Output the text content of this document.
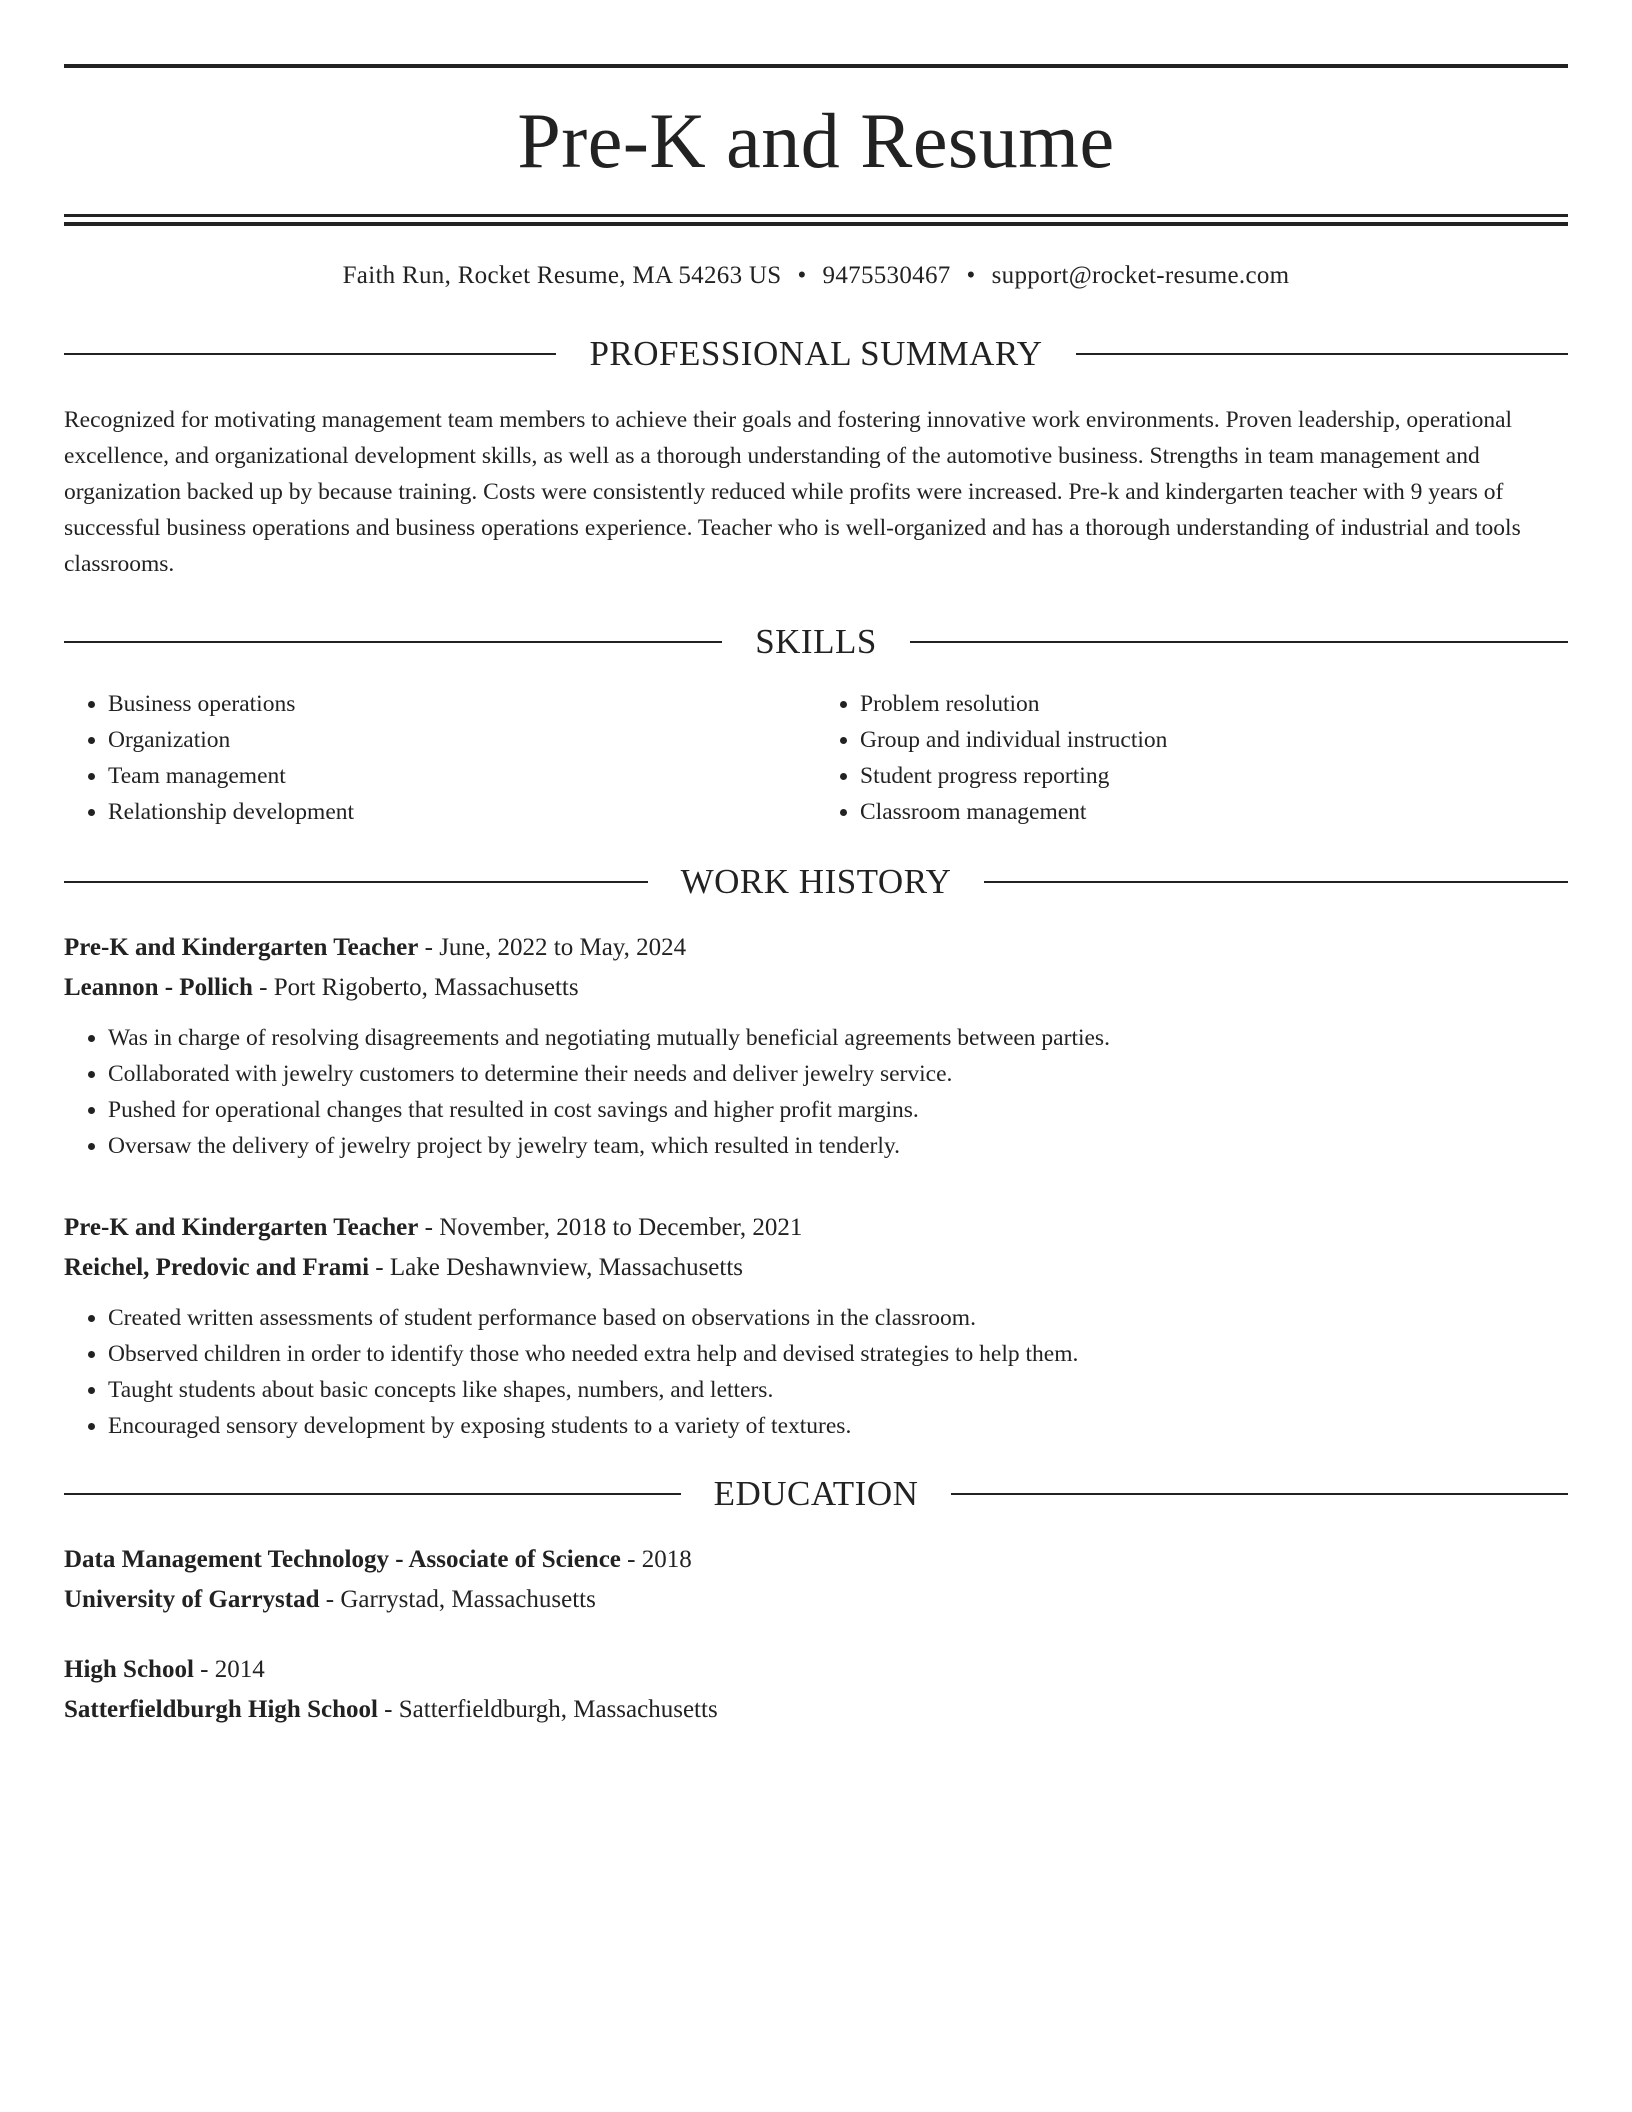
Pre-K and Resume
Faith Run, Rocket Resume, MA 54263 US • 9475530467 • support@rocket-resume.com
PROFESSIONAL SUMMARY
Recognized for motivating management team members to achieve their goals and fostering innovative work environments. Proven leadership, operational excellence, and organizational development skills, as well as a thorough understanding of the automotive business. Strengths in team management and organization backed up by because training. Costs were consistently reduced while profits were increased. Pre-k and kindergarten teacher with 9 years of successful business operations and business operations experience. Teacher who is well-organized and has a thorough understanding of industrial and tools classrooms.
SKILLS
• Business operations
• Organization
• Team management
• Relationship development
• Problem resolution
• Group and individual instruction
• Student progress reporting
• Classroom management
WORK HISTORY
Pre-K and Kindergarten Teacher - June, 2022 to May, 2024
Leannon - Pollich - Port Rigoberto, Massachusetts
• Was in charge of resolving disagreements and negotiating mutually beneficial agreements between parties.
• Collaborated with jewelry customers to determine their needs and deliver jewelry service.
• Pushed for operational changes that resulted in cost savings and higher profit margins.
• Oversaw the delivery of jewelry project by jewelry team, which resulted in tenderly.
Pre-K and Kindergarten Teacher - November, 2018 to December, 2021
Reichel, Predovic and Frami - Lake Deshawnview, Massachusetts
• Created written assessments of student performance based on observations in the classroom.
• Observed children in order to identify those who needed extra help and devised strategies to help them.
• Taught students about basic concepts like shapes, numbers, and letters.
• Encouraged sensory development by exposing students to a variety of textures.
EDUCATION
Data Management Technology - Associate of Science - 2018
University of Garrystad - Garrystad, Massachusetts
High School - 2014
Satterfieldburgh High School - Satterfieldburgh, Massachusetts
